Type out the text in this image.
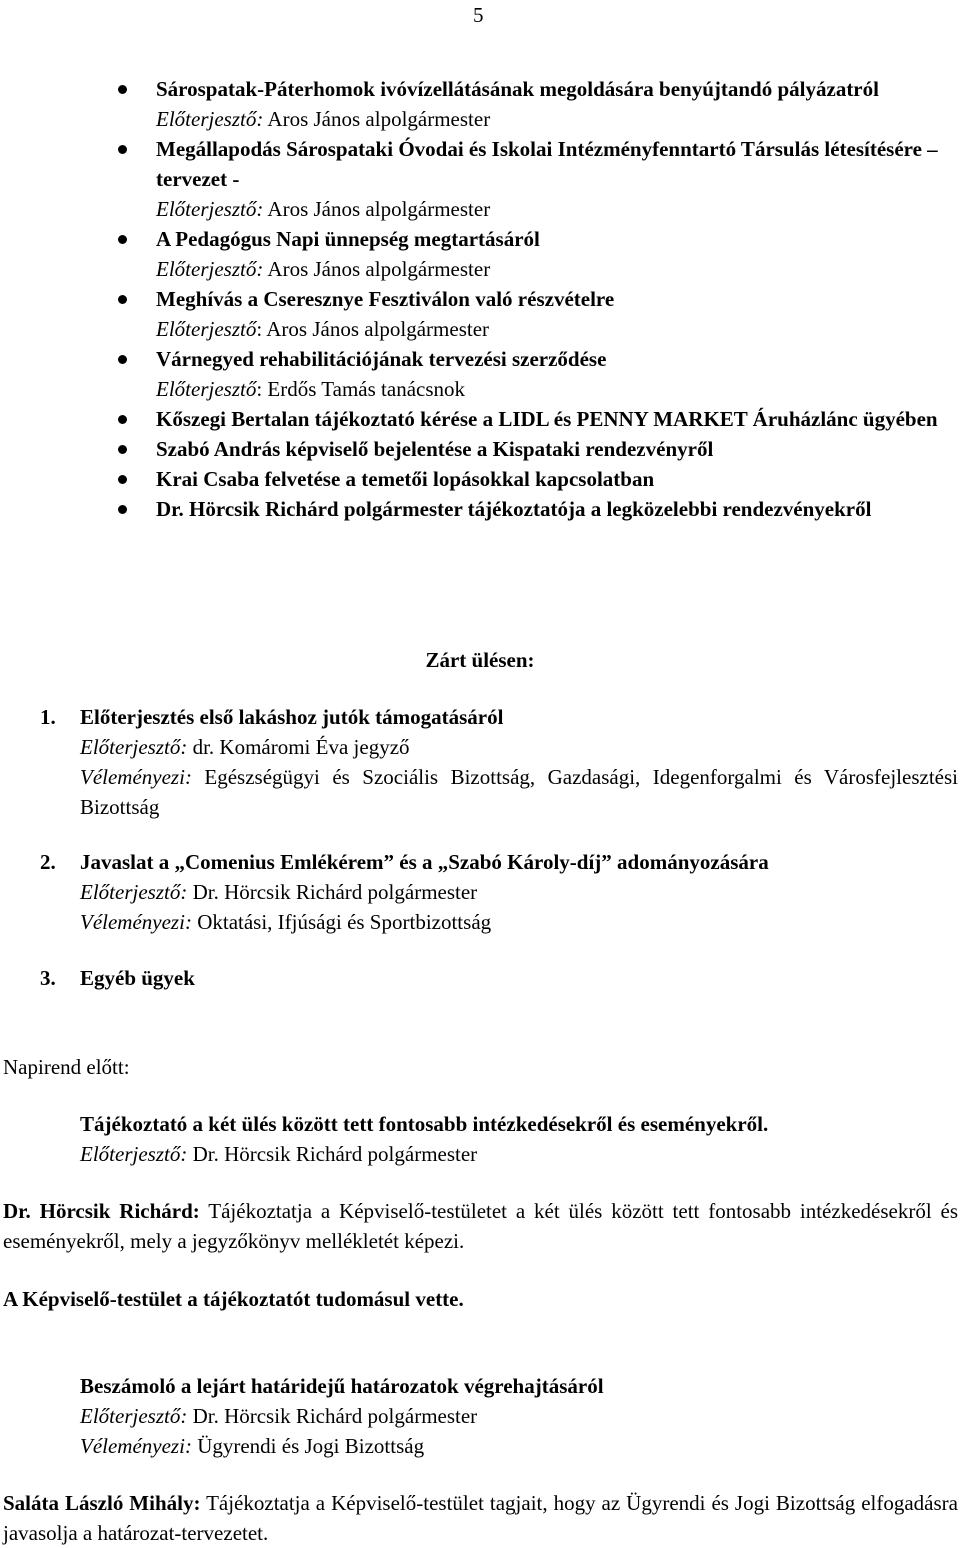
5
Sárospatak-Páterhomok ivóvízellátásának megoldására benyújtandó pályázatról
Előterjesztő: Aros János alpolgármester
Megállapodás Sárospataki Óvodai és Iskolai Intézményfenntartó Társulás létesítésére – tervezet -
Előterjesztő: Aros János alpolgármester
A Pedagógus Napi ünnepség megtartásáról
Előterjesztő: Aros János alpolgármester
Meghívás a Cseresznye Fesztiválon való részvételre
Előterjesztő: Aros János alpolgármester
Várnegyed rehabilitációjának tervezési szerződése
Előterjesztő: Erdős Tamás tanácsnok
Kőszegi Bertalan tájékoztató kérése a LIDL és PENNY MARKET Áruházlánc ügyében
Szabó András képviselő bejelentése a Kispataki rendezvényről
Krai Csaba felvetése a temetői lopásokkal kapcsolatban
Dr. Hörcsik Richárd polgármester tájékoztatója a legközelebbi rendezvényekről
Zárt ülésen:
1. Előterjesztés első lakáshoz jutók támogatásáról
Előterjesztő: dr. Komáromi Éva jegyző
Véleményezi: Egészségügyi és Szociális Bizottság, Gazdasági, Idegenforgalmi és Városfejlesztési Bizottság
2. Javaslat a „Comenius Emlékérem” és a „Szabó Károly-díj” adományozására
Előterjesztő: Dr. Hörcsik Richárd polgármester
Véleményezi: Oktatási, Ifjúsági és Sportbizottság
3. Egyéb ügyek
Napirend előtt:
Tájékoztató a két ülés között tett fontosabb intézkedésekről és eseményekről.
Előterjesztő: Dr. Hörcsik Richárd polgármester
Dr. Hörcsik Richárd: Tájékoztatja a Képviselő-testületet a két ülés között tett fontosabb intézkedésekről és eseményekről, mely a jegyzőkönyv mellékletét képezi.
A Képviselő-testület a tájékoztatót tudomásul vette.
Beszámoló a lejárt határidejű határozatok végrehajtásáról
Előterjesztő: Dr. Hörcsik Richárd polgármester
Véleményezi: Ügyrendi és Jogi Bizottság
Saláta László Mihály: Tájékoztatja a Képviselő-testület tagjait, hogy az Ügyrendi és Jogi Bizottság elfogadásra javasolja a határozat-tervezetet.
